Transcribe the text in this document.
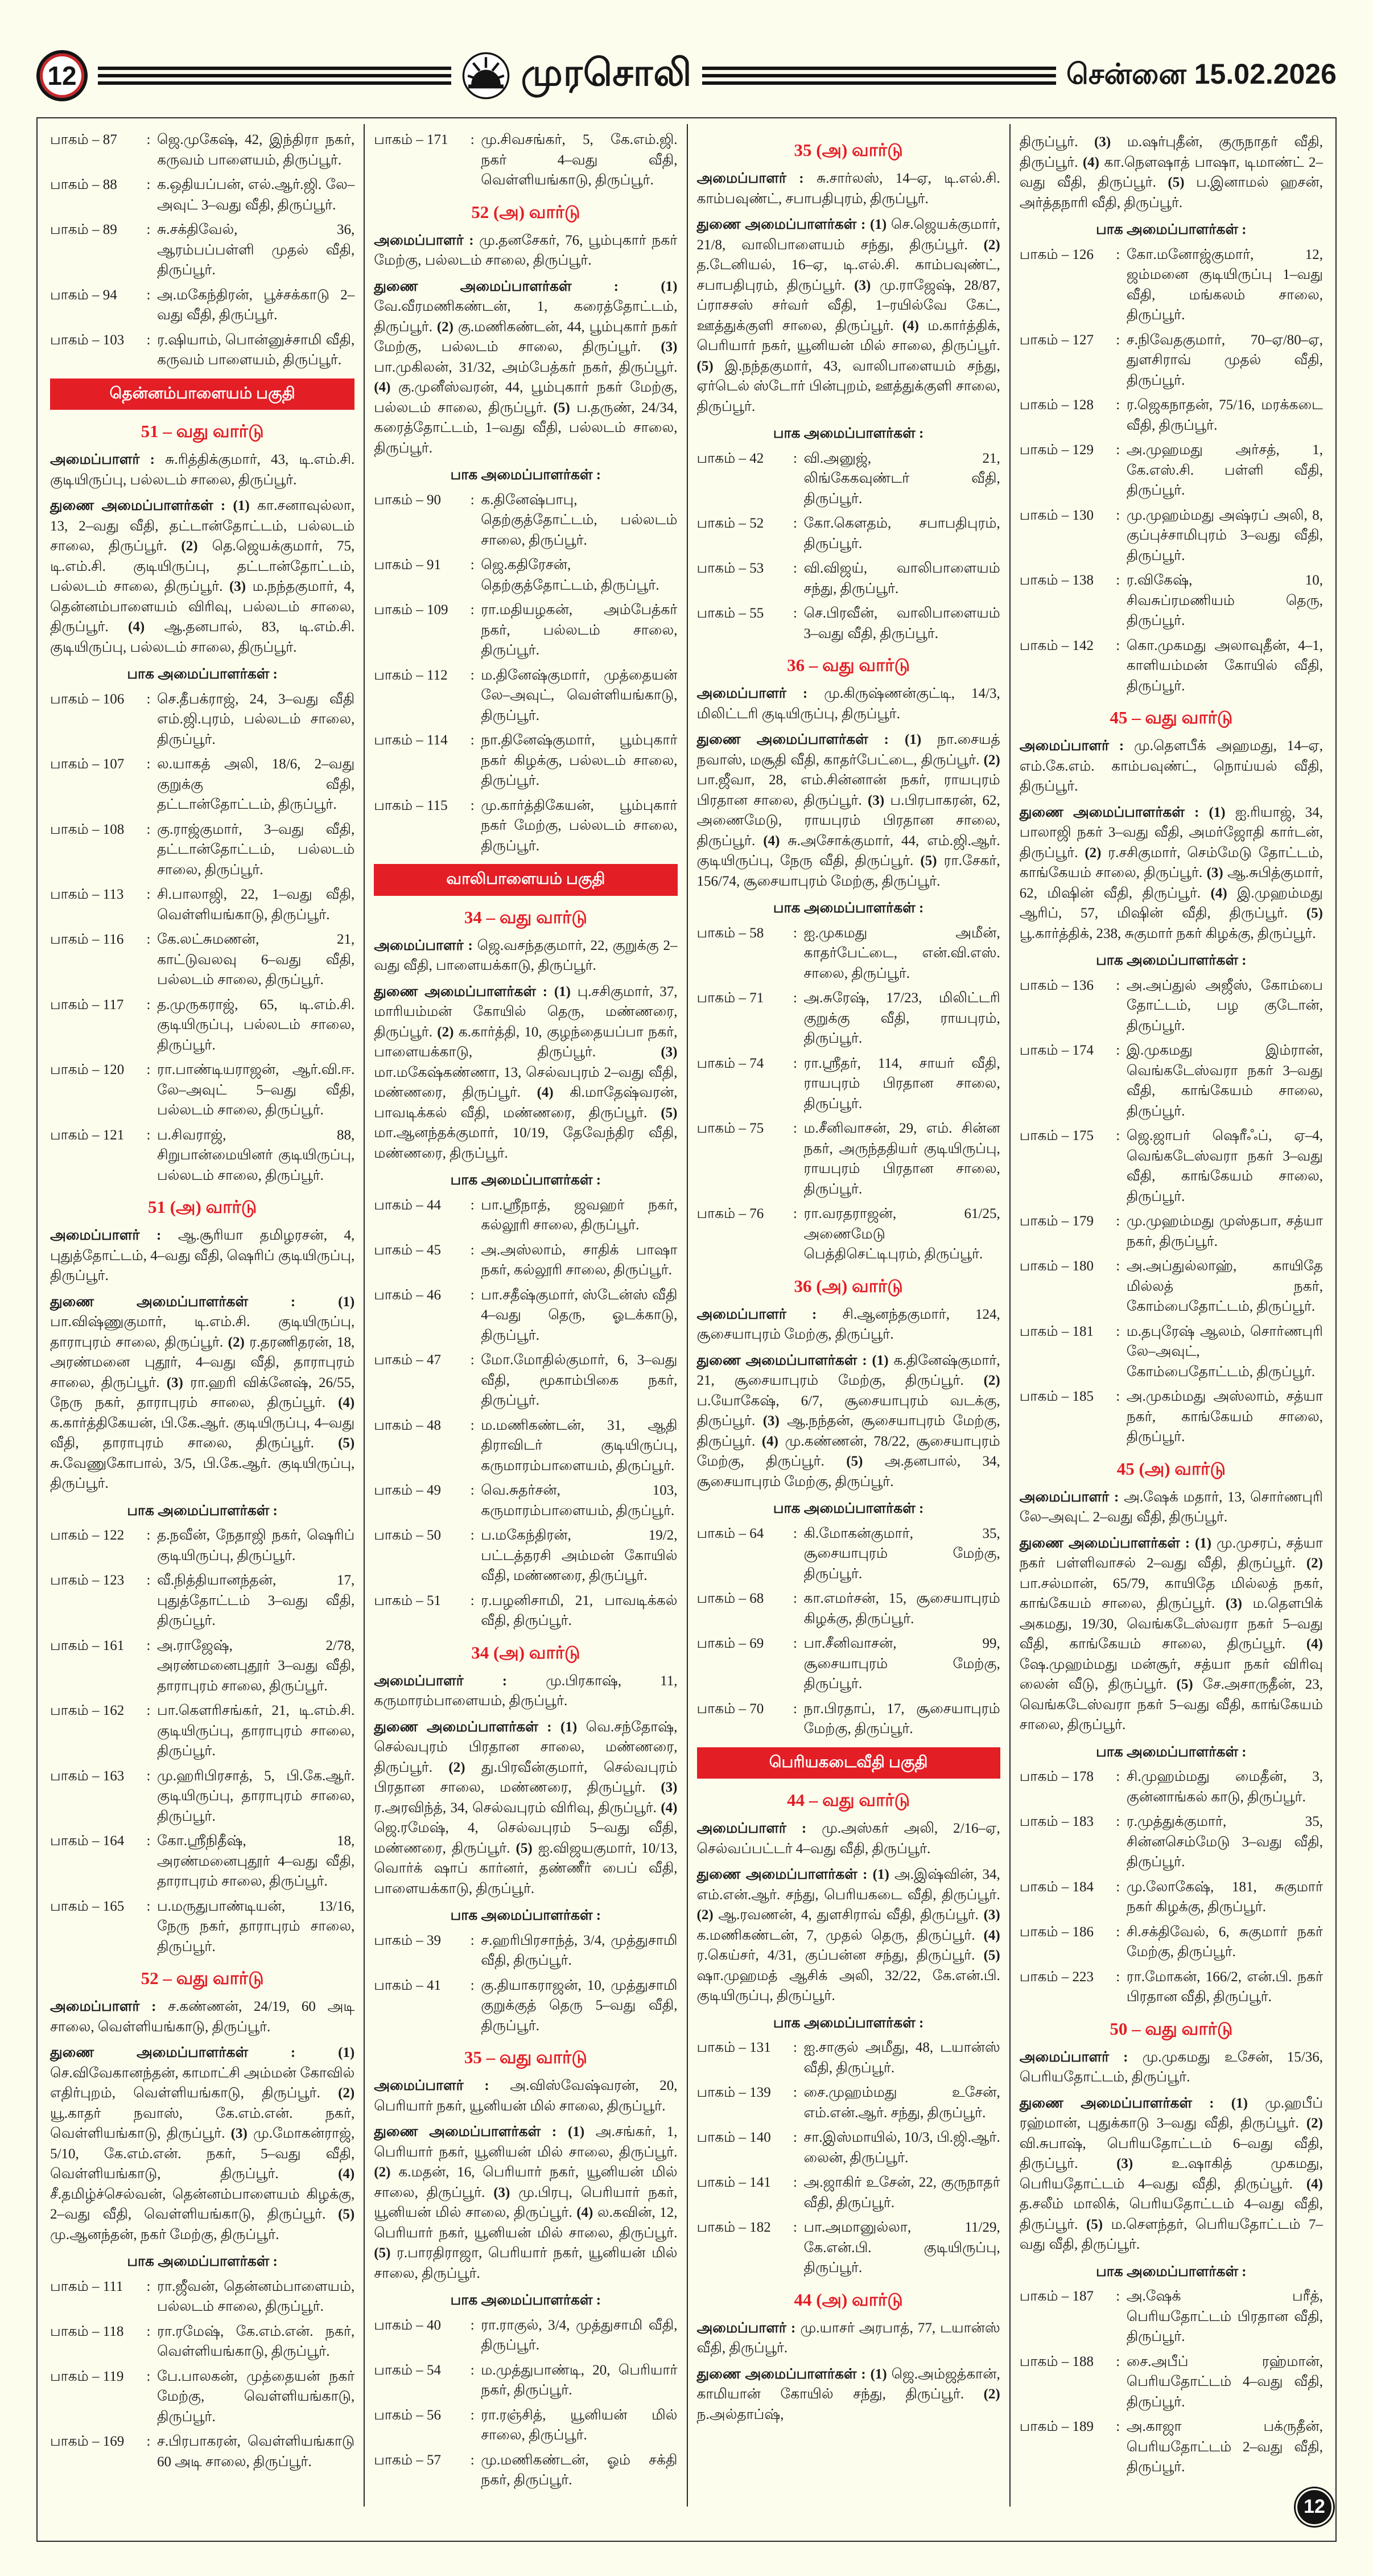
12	முரசொலி	சென்னை 15.02.2026
பாகம் – 87	: ஜெ.முகேஷ், 42, இந்திரா நகர், கருவம் பாளையம், திருப்பூர்.
பாகம் – 88	: க.ஒதியப்பன், எல்.ஆர்.ஜி. லே–அவுட் 3–வது வீதி, திருப்பூர்.
பாகம் – 89	: சு.சக்திவேல், 36, ஆரம்பப்பள்ளி முதல் வீதி, திருப்பூர்.
பாகம் – 94	: அ.மகேந்திரன், பூச்சக்காடு 2–வது வீதி, திருப்பூர்.
பாகம் – 103	: ர.ஷியாம், பொன்னுச்சாமி வீதி, கருவம் பாளையம், திருப்பூர்.
தென்னம்பாளையம் பகுதி
51 – வது வார்டு

அமைப்பாளர் : சு.ரித்திக்குமார், 43, டி.எம்.சி. குடியிருப்பு, பல்லடம் சாலை, திருப்பூர்.

துணை அமைப்பாளர்கள் : (1) கா.சனாவுல்லா, 13, 2–வது வீதி, தட்டான்தோட்டம், பல்லடம் சாலை, திருப்பூர். (2) தெ.ஜெயக்குமார், 75, டி.எம்.சி. குடியிருப்பு, தட்டான்தோட்டம், பல்லடம் சாலை, திருப்பூர். (3) ம.நந்தகுமார், 4, தென்னம்பாளையம் விரிவு, பல்லடம் சாலை, திருப்பூர். (4) ஆ.தனபால், 83, டி.எம்.சி. குடியிருப்பு, பல்லடம் சாலை, திருப்பூர்.

பாக அமைப்பாளர்கள் :
பாகம் – 106	: செ.தீபக்ராஜ், 24, 3–வது வீதி எம்.ஜி.புரம், பல்லடம் சாலை, திருப்பூர்.
பாகம் – 107	: ல.யாகத் அலி, 18/6, 2–வது குறுக்கு வீதி, தட்டான்தோட்டம், திருப்பூர்.
பாகம் – 108	: கு.ராஜ்குமார், 3–வது வீதி, தட்டான்தோட்டம், பல்லடம் சாலை, திருப்பூர்.
பாகம் – 113	: சி.பாலாஜி, 22, 1–வது வீதி, வெள்ளியங்காடு, திருப்பூர்.
பாகம் – 116	: கே.லட்சுமணன், 21, காட்டுவலவு 6–வது வீதி, பல்லடம் சாலை, திருப்பூர்.
பாகம் – 117	: த.முருகராஜ், 65, டி.எம்.சி. குடியிருப்பு, பல்லடம் சாலை, திருப்பூர்.
பாகம் – 120	: ரா.பாண்டியராஜன், ஆர்.வி.ஈ. லே–அவுட் 5–வது வீதி, பல்லடம் சாலை, திருப்பூர்.
பாகம் – 121	: ப.சிவராஜ், 88, சிறுபான்மையினர் குடியிருப்பு, பல்லடம் சாலை, திருப்பூர்.
51 (அ) வார்டு

அமைப்பாளர் : ஆ.சூரியா தமிழரசன், 4, புதுத்தோட்டம், 4–வது வீதி, ஷெரிப் குடியிருப்பு, திருப்பூர்.

துணை அமைப்பாளர்கள் : (1) பா.விஷ்ணுகுமார், டி.எம்.சி. குடியிருப்பு, தாராபுரம் சாலை, திருப்பூர். (2) ர.தரணிதரன், 18, அரண்மனை புதூர், 4–வது வீதி, தாராபுரம் சாலை, திருப்பூர். (3) ரா.ஹரி விக்னேஷ், 26/55, நேரு நகர், தாராபுரம் சாலை, திருப்பூர். (4) க.கார்த்திகேயன், பி.கே.ஆர். குடியிருப்பு, 4–வது வீதி, தாராபுரம் சாலை, திருப்பூர். (5) சு.வேணுகோபால், 3/5, பி.கே.ஆர். குடியிருப்பு, திருப்பூர்.

பாக அமைப்பாளர்கள் :
பாகம் – 122	: த.நவீன், நேதாஜி நகர், ஷெரிப் குடியிருப்பு, திருப்பூர்.
பாகம் – 123	: வீ.நித்தியானந்தன், 17, புதுத்தோட்டம் 3–வது வீதி, திருப்பூர்.
பாகம் – 161	: அ.ராஜேஷ், 2/78, அரண்மனைபுதூர் 3–வது வீதி, தாராபுரம் சாலை, திருப்பூர்.
பாகம் – 162	: பா.கௌரிசங்கர், 21, டி.எம்.சி. குடியிருப்பு, தாராபுரம் சாலை, திருப்பூர்.
பாகம் – 163	: மு.ஹரிபிரசாத், 5, பி.கே.ஆர். குடியிருப்பு, தாராபுரம் சாலை, திருப்பூர்.
பாகம் – 164	: கோ.ஸ்ரீநிதீஷ், 18, அரண்மனைபுதூர் 4–வது வீதி, தாராபுரம் சாலை, திருப்பூர்.
பாகம் – 165	: ப.மருதுபாண்டியன், 13/16, நேரு நகர், தாராபுரம் சாலை, திருப்பூர்.
52 – வது வார்டு

அமைப்பாளர் : ச.கண்ணன், 24/19, 60 அடி சாலை, வெள்ளியங்காடு, திருப்பூர்.

துணை அமைப்பாளர்கள் : (1) செ.விவேகானந்தன், காமாட்சி அம்மன் கோவில் எதிர்புறம், வெள்ளியங்காடு, திருப்பூர். (2) யூ.காதர் நவாஸ், கே.எம்.என். நகர், வெள்ளியங்காடு, திருப்பூர். (3) மு.மோகன்ராஜ், 5/10, கே.எம்.என். நகர், 5–வது வீதி, வெள்ளியங்காடு, திருப்பூர். (4) சீ.தமிழ்ச்செல்வன், தென்னம்பாளையம் கிழக்கு, 2–வது வீதி, வெள்ளியங்காடு, திருப்பூர். (5) மு.ஆனந்தன், நகர் மேற்கு, திருப்பூர்.

பாக அமைப்பாளர்கள் :
பாகம் – 111	: ரா.ஜீவன், தென்னம்பாளையம், பல்லடம் சாலை, திருப்பூர்.
பாகம் – 118	: ரா.ரமேஷ், கே.எம்.என். நகர், வெள்ளியங்காடு, திருப்பூர்.
பாகம் – 119	: பே.பாலகன், முத்தையன் நகர் மேற்கு, வெள்ளியங்காடு, திருப்பூர்.
பாகம் – 169	: ச.பிரபாகரன், வெள்ளியங்காடு 60 அடி சாலை, திருப்பூர்.
பாகம் – 171	: மு.சிவசங்கர், 5, கே.எம்.ஜி. நகர் 4–வது வீதி, வெள்ளியங்காடு, திருப்பூர்.
52 (அ) வார்டு

அமைப்பாளர் : மு.தனசேகர், 76, பூம்புகார் நகர் மேற்கு, பல்லடம் சாலை, திருப்பூர்.

துணை அமைப்பாளர்கள் : (1) வே.வீரமணிகண்டன், 1, கரைத்தோட்டம், திருப்பூர். (2) கு.மணிகண்டன், 44, பூம்புகார் நகர் மேற்கு, பல்லடம் சாலை, திருப்பூர். (3) பா.முகிலன், 31/32, அம்பேத்கர் நகர், திருப்பூர். (4) கு.முனீஸ்வரன், 44, பூம்புகார் நகர் மேற்கு, பல்லடம் சாலை, திருப்பூர். (5) ப.தருண், 24/34, கரைத்தோட்டம், 1–வது வீதி, பல்லடம் சாலை, திருப்பூர்.

பாக அமைப்பாளர்கள் :
பாகம் – 90	: க.தினேஷ்பாபு, தெற்குத்தோட்டம், பல்லடம் சாலை, திருப்பூர்.
பாகம் – 91	: ஜெ.கதிரேசன், தெற்குத்தோட்டம், திருப்பூர்.
பாகம் – 109	: ரா.மதியழகன், அம்பேத்கர் நகர், பல்லடம் சாலை, திருப்பூர்.
பாகம் – 112	: ம.தினேஷ்குமார், முத்தையன் லே–அவுட், வெள்ளியங்காடு, திருப்பூர்.
பாகம் – 114	: நா.தினேஷ்குமார், பூம்புகார் நகர் கிழக்கு, பல்லடம் சாலை, திருப்பூர்.
பாகம் – 115	: மு.கார்த்திகேயன், பூம்புகார் நகர் மேற்கு, பல்லடம் சாலை, திருப்பூர்.
வாலிபாளையம் பகுதி
34 – வது வார்டு

அமைப்பாளர் : ஜெ.வசந்தகுமார், 22, குறுக்கு 2–வது வீதி, பாளையக்காடு, திருப்பூர்.

துணை அமைப்பாளர்கள் : (1) பு.சசிகுமார், 37, மாரியம்மன் கோயில் தெரு, மண்ணரை, திருப்பூர். (2) க.கார்த்தி, 10, குழந்தையப்பா நகர், பாளையக்காடு, திருப்பூர். (3) மா.மகேஷ்கண்ணா, 13, செல்வபுரம் 2–வது வீதி, மண்ணரை, திருப்பூர். (4) கி.மாதேஷ்வரன், பாவடிக்கல் வீதி, மண்ணரை, திருப்பூர். (5) மா.ஆனந்தக்குமார், 10/19, தேவேந்திர வீதி, மண்ணரை, திருப்பூர்.

பாக அமைப்பாளர்கள் :
பாகம் – 44	: பா.ஸ்ரீநாத், ஜவஹர் நகர், கல்லூரி சாலை, திருப்பூர்.
பாகம் – 45	: அ.அஸ்லாம், சாதிக் பாஷா நகர், கல்லூரி சாலை, திருப்பூர்.
பாகம் – 46	: பா.சதீஷ்குமார், ஸ்டேன்ஸ் வீதி 4–வது தெரு, ஓடக்காடு, திருப்பூர்.
பாகம் – 47	: மோ.மோதில்குமார், 6, 3–வது வீதி, மூகாம்பிகை நகர், திருப்பூர்.
பாகம் – 48	: ம.மணிகண்டன், 31, ஆதி திராவிடர் குடியிருப்பு, கருமாரம்பாளையம், திருப்பூர்.
பாகம் – 49	: வெ.சுதர்சன், 103, கருமாரம்பாளையம், திருப்பூர்.
பாகம் – 50	: ப.மகேந்திரன், 19/2, பட்டத்தரசி அம்மன் கோயில் வீதி, மண்ணரை, திருப்பூர்.
பாகம் – 51	: ர.பழனிசாமி, 21, பாவடிக்கல் வீதி, திருப்பூர்.
34 (அ) வார்டு

அமைப்பாளர் : மு.பிரகாஷ், 11, கருமாரம்பாளையம், திருப்பூர்.

துணை அமைப்பாளர்கள் : (1) வெ.சந்தோஷ், செல்வபுரம் பிரதான சாலை, மண்ணரை, திருப்பூர். (2) து.பிரவீன்குமார், செல்வபுரம் பிரதான சாலை, மண்ணரை, திருப்பூர். (3) ர.அரவிந்த், 34, செல்வபுரம் விரிவு, திருப்பூர். (4) ஜெ.ரமேஷ், 4, செல்வபுரம் 5–வது வீதி, மண்ணரை, திருப்பூர். (5) ஐ.விஜயகுமார், 10/13, வொர்க் ஷாப் கார்னர், தண்ணீர் பைப் வீதி, பாளையக்காடு, திருப்பூர்.

பாக அமைப்பாளர்கள் :
பாகம் – 39	: ச.ஹரிபிரசாந்த், 3/4, முத்துசாமி வீதி, திருப்பூர்.
பாகம் – 41	: கு.தியாகராஜன், 10, முத்துசாமி குறுக்குத் தெரு 5–வது வீதி, திருப்பூர்.
35 – வது வார்டு

அமைப்பாளர் : அ.விஸ்வேஷ்வரன், 20, பெரியார் நகர், யூனியன் மில் சாலை, திருப்பூர்.

துணை அமைப்பாளர்கள் : (1) அ.சங்கர், 1, பெரியார் நகர், யூனியன் மில் சாலை, திருப்பூர். (2) க.மதன், 16, பெரியார் நகர், யூனியன் மில் சாலை, திருப்பூர். (3) மு.பிரபு, பெரியார் நகர், யூனியன் மில் சாலை, திருப்பூர். (4) ல.கவின், 12, பெரியார் நகர், யூனியன் மில் சாலை, திருப்பூர். (5) ர.பாரதிராஜா, பெரியார் நகர், யூனியன் மில் சாலை, திருப்பூர்.

பாக அமைப்பாளர்கள் :
பாகம் – 40	: ரா.ராகுல், 3/4, முத்துசாமி வீதி, திருப்பூர்.
பாகம் – 54	: ம.முத்துபாண்டி, 20, பெரியார் நகர், திருப்பூர்.
பாகம் – 56	: ரா.ரஞ்சித், யூனியன் மில் சாலை, திருப்பூர்.
பாகம் – 57	: மு.மணிகண்டன், ஓம் சக்தி நகர், திருப்பூர்.
35 (அ) வார்டு

அமைப்பாளர் : சு.சார்லஸ், 14–ஏ, டி.எல்.சி. காம்பவுண்ட், சபாபதிபுரம், திருப்பூர்.

துணை அமைப்பாளர்கள் : (1) செ.ஜெயக்குமார், 21/8, வாலிபாளையம் சந்து, திருப்பூர். (2) த.டேனியல், 16–ஏ, டி.எல்.சி. காம்பவுண்ட், சபாபதிபுரம், திருப்பூர். (3) மு.ராஜேஷ், 28/87, ப்ராசசஸ் சர்வர் வீதி, 1–ரயில்வே கேட், ஊத்துக்குளி சாலை, திருப்பூர். (4) ம.கார்த்திக், பெரியார் நகர், யூனியன் மில் சாலை, திருப்பூர். (5) இ.நந்தகுமார், 43, வாலிபாளையம் சந்து, ஏர்டெல் ஸ்டோர் பின்புறம், ஊத்துக்குளி சாலை, திருப்பூர்.

பாக அமைப்பாளர்கள் :
பாகம் – 42	: வி.அனுஜ், 21, லிங்கேகவுண்டர் வீதி, திருப்பூர்.
பாகம் – 52	: கோ.கௌதம், சபாபதிபுரம், திருப்பூர்.
பாகம் – 53	: வி.விஜய், வாலிபாளையம் சந்து, திருப்பூர்.
பாகம் – 55	: செ.பிரவீன், வாலிபாளையம் 3–வது வீதி, திருப்பூர்.
36 – வது வார்டு

அமைப்பாளர் : மு.கிருஷ்ணன்குட்டி, 14/3, மிலிட்டரி குடியிருப்பு, திருப்பூர்.

துணை அமைப்பாளர்கள் : (1) நா.சையத் நவாஸ், மசூதி வீதி, காதர்பேட்டை, திருப்பூர். (2) பா.ஜீவா, 28, எம்.சின்னான் நகர், ராயபுரம் பிரதான சாலை, திருப்பூர். (3) ப.பிரபாகரன், 62, அணைமேடு, ராயபுரம் பிரதான சாலை, திருப்பூர். (4) சு.அசோக்குமார், 44, எம்.ஜி.ஆர். குடியிருப்பு, நேரு வீதி, திருப்பூர். (5) ரா.சேகர், 156/74, சூசையாபுரம் மேற்கு, திருப்பூர்.

பாக அமைப்பாளர்கள் :
பாகம் – 58	: ஐ.முகமது அமீன், காதர்பேட்டை, என்.வி.எஸ். சாலை, திருப்பூர்.
பாகம் – 71	: அ.சுரேஷ், 17/23, மிலிட்டரி குறுக்கு வீதி, ராயபுரம், திருப்பூர்.
பாகம் – 74	: ரா.ஸ்ரீதர், 114, சாயர் வீதி, ராயபுரம் பிரதான சாலை, திருப்பூர்.
பாகம் – 75	: ம.சீனிவாசன், 29, எம். சின்ன நகர், அருந்ததியர் குடியிருப்பு, ராயபுரம் பிரதான சாலை, திருப்பூர்.
பாகம் – 76	: ரா.வரதராஜன், 61/25, அணைமேடு பெத்திசெட்டிபுரம், திருப்பூர்.
36 (அ) வார்டு

அமைப்பாளர் : சி.ஆனந்தகுமார், 124, சூசையாபுரம் மேற்கு, திருப்பூர்.

துணை அமைப்பாளர்கள் : (1) க.தினேஷ்குமார், 21, சூசையாபுரம் மேற்கு, திருப்பூர். (2) ப.யோகேஷ், 6/7, சூசையாபுரம் வடக்கு, திருப்பூர். (3) ஆ.நந்தன், சூசையாபுரம் மேற்கு, திருப்பூர். (4) மு.கண்ணன், 78/22, சூசையாபுரம் மேற்கு, திருப்பூர். (5) அ.தனபால், 34, சூசையாபுரம் மேற்கு, திருப்பூர்.

பாக அமைப்பாளர்கள் :
பாகம் – 64	: கி.மோகன்குமார், 35, சூசையாபுரம் மேற்கு, திருப்பூர்.
பாகம் – 68	: கா.எமர்சன், 15, சூசையாபுரம் கிழக்கு, திருப்பூர்.
பாகம் – 69	: பா.சீனிவாசன், 99, சூசையாபுரம் மேற்கு, திருப்பூர்.
பாகம் – 70	: நா.பிரதாப், 17, சூசையாபுரம் மேற்கு, திருப்பூர்.
பெரியகடைவீதி பகுதி
44 – வது வார்டு

அமைப்பாளர் : மு.அஸ்கர் அலி, 2/16–ஏ, செல்வப்பட்டர் 4–வது வீதி, திருப்பூர்.

துணை அமைப்பாளர்கள் : (1) அ.இஷ்வின், 34, எம்.என்.ஆர். சந்து, பெரியகடை வீதி, திருப்பூர். (2) ஆ.ரவணன், 4, துளசிராவ் வீதி, திருப்பூர். (3) க.மணிகண்டன், 7, முதல் தெரு, திருப்பூர். (4) ர.கெய்சர், 4/31, குப்பன்ன சந்து, திருப்பூர். (5) ஷா.முஹமத் ஆசிக் அலி, 32/22, கே.என்.பி. குடியிருப்பு, திருப்பூர்.

பாக அமைப்பாளர்கள் :
பாகம் – 131	: ஐ.சாகுல் அமீது, 48, டயான்ஸ் வீதி, திருப்பூர்.
பாகம் – 139	: சை.முஹம்மது உசேன், எம்.என்.ஆர். சந்து, திருப்பூர்.
பாகம் – 140	: சா.இஸ்மாயில், 10/3, பி.ஜி.ஆர். லைன், திருப்பூர்.
பாகம் – 141	: அ.ஜாகிர் உசேன், 22, குருநாதர் வீதி, திருப்பூர்.
பாகம் – 182	: பா.அமானுல்லா, 11/29, கே.என்.பி. குடியிருப்பு, திருப்பூர்.
44 (அ) வார்டு

அமைப்பாளர் : மு.யாசர் அரபாத், 77, டயான்ஸ் வீதி, திருப்பூர்.

துணை அமைப்பாளர்கள் : (1) ஜெ.அம்ஜத்கான், காமியான் கோயில் சந்து, திருப்பூர். (2) ந.அல்தாப்ஷ்,

திருப்பூர். (3) ம.ஷர்புதீன், குருநாதர் வீதி, திருப்பூர். (4) கா.நௌஷாத் பாஷா, டிமாண்ட் 2–வது வீதி, திருப்பூர். (5) ப.இனாமல் ஹசன், அர்த்தநாரி வீதி, திருப்பூர்.

பாக அமைப்பாளர்கள் :
பாகம் – 126	: கோ.மனோஜ்குமார், 12, ஜம்மனை குடியிருப்பு 1–வது வீதி, மங்கலம் சாலை, திருப்பூர்.
பாகம் – 127	: ச.நிவேதகுமார், 70–ஏ/80–ஏ, துளசிராவ் முதல் வீதி, திருப்பூர்.
பாகம் – 128	: ர.ஜெகநாதன், 75/16, மரக்கடை வீதி, திருப்பூர்.
பாகம் – 129	: அ.முஹமது அர்சத், 1, கே.எஸ்.சி. பள்ளி வீதி, திருப்பூர்.
பாகம் – 130	: மு.முஹம்மது அஷ்ரப் அலி, 8, குப்புச்சாமிபுரம் 3–வது வீதி, திருப்பூர்.
பாகம் – 138	: ர.விகேஷ், 10, சிவசுப்ரமணியம் தெரு, திருப்பூர்.
பாகம் – 142	: கொ.முகமது அலாவுதீன், 4–1, காளியம்மன் கோயில் வீதி, திருப்பூர்.
45 – வது வார்டு

அமைப்பாளர் : மு.தெளபீக் அஹமது, 14–ஏ, எம்.கே.எம். காம்பவுண்ட், நொய்யல் வீதி, திருப்பூர்.

துணை அமைப்பாளர்கள் : (1) ஐ.ரியாஜ், 34, பாலாஜி நகர் 3–வது வீதி, அமர்ஜோதி கார்டன், திருப்பூர். (2) ர.சசிகுமார், செம்மேடு தோட்டம், காங்கேயம் சாலை, திருப்பூர். (3) ஆ.சுபித்குமார், 62, மிஷின் வீதி, திருப்பூர். (4) இ.முஹம்மது ஆரிப், 57, மிஷின் வீதி, திருப்பூர். (5) பூ.கார்த்திக், 238, சுகுமார் நகர் கிழக்கு, திருப்பூர்.

பாக அமைப்பாளர்கள் :
பாகம் – 136	: அ.அப்துல் அஜீஸ், கோம்பை தோட்டம், பழ குடோன், திருப்பூர்.
பாகம் – 174	: இ.முகமது இம்ரான், வெங்கடேஸ்வரா நகர் 3–வது வீதி, காங்கேயம் சாலை, திருப்பூர்.
பாகம் – 175	: ஜெ.ஜாபர் ஷெரீஃப், ஏ–4, வெங்கடேஸ்வரா நகர் 3–வது வீதி, காங்கேயம் சாலை, திருப்பூர்.
பாகம் – 179	: மு.முஹம்மது முஸ்தபா, சத்யா நகர், திருப்பூர்.
பாகம் – 180	: அ.அப்துல்லாஹ், காயிதே மில்லத் நகர், கோம்பைதோட்டம், திருப்பூர்.
பாகம் – 181	: ம.தபுரேஷ் ஆலம், சொர்ணபுரி லே–அவுட், கோம்பைதோட்டம், திருப்பூர்.
பாகம் – 185	: அ.முகம்மது அஸ்லாம், சத்யா நகர், காங்கேயம் சாலை, திருப்பூர்.
45 (அ) வார்டு

அமைப்பாளர் : அ.ஷேக் மதார், 13, சொர்ணபுரி லே–அவுட் 2–வது வீதி, திருப்பூர்.

துணை அமைப்பாளர்கள் : (1) மு.முசரப், சத்யா நகர் பள்ளிவாசல் 2–வது வீதி, திருப்பூர். (2) பா.சல்மான், 65/79, காயிதே மில்லத் நகர், காங்கேயம் சாலை, திருப்பூர். (3) ம.தெளபிக் அகமது, 19/30, வெங்கடேஸ்வரா நகர் 5–வது வீதி, காங்கேயம் சாலை, திருப்பூர். (4) ஷே.முஹம்மது மன்சூர், சத்யா நகர் விரிவு லைன் வீடு, திருப்பூர். (5) சே.அசாருதீன், 23, வெங்கடேஸ்வரா நகர் 5–வது வீதி, காங்கேயம் சாலை, திருப்பூர்.

பாக அமைப்பாளர்கள் :
பாகம் – 178	: சி.முஹம்மது மைதீன், 3, குன்னாங்கல் காடு, திருப்பூர்.
பாகம் – 183	: ர.முத்துக்குமார், 35, சின்னசெம்மேடு 3–வது வீதி, திருப்பூர்.
பாகம் – 184	: மு.லோகேஷ், 181, சுகுமார் நகர் கிழக்கு, திருப்பூர்.
பாகம் – 186	: சி.சக்திவேல், 6, சுகுமார் நகர் மேற்கு, திருப்பூர்.
பாகம் – 223	: ரா.மோகன், 166/2, என்.பி. நகர் பிரதான வீதி, திருப்பூர்.
50 – வது வார்டு

அமைப்பாளர் : மு.முகமது உசேன், 15/36, பெரியதோட்டம், திருப்பூர்.

துணை அமைப்பாளர்கள் : (1) மு.ஹபீப் ரஹ்மான், புதுக்காடு 3–வது வீதி, திருப்பூர். (2) வி.சுபாஷ், பெரியதோட்டம் 6–வது வீதி, திருப்பூர். (3) உ.ஷாகித் முகமது, பெரியதோட்டம் 4–வது வீதி, திருப்பூர். (4) த.சலீம் மாலிக், பெரியதோட்டம் 4–வது வீதி, திருப்பூர். (5) ம.சௌந்தர், பெரியதோட்டம் 7–வது வீதி, திருப்பூர்.

பாக அமைப்பாளர்கள் :
பாகம் – 187	: அ.ஷேக் பரீத், பெரியதோட்டம் பிரதான வீதி, திருப்பூர்.
பாகம் – 188	: சை.அபீப் ரஹ்மான், பெரியதோட்டம் 4–வது வீதி, திருப்பூர்.
பாகம் – 189	: அ.காஜா பக்ருதீன், பெரியதோட்டம் 2–வது வீதி, திருப்பூர்.
12
